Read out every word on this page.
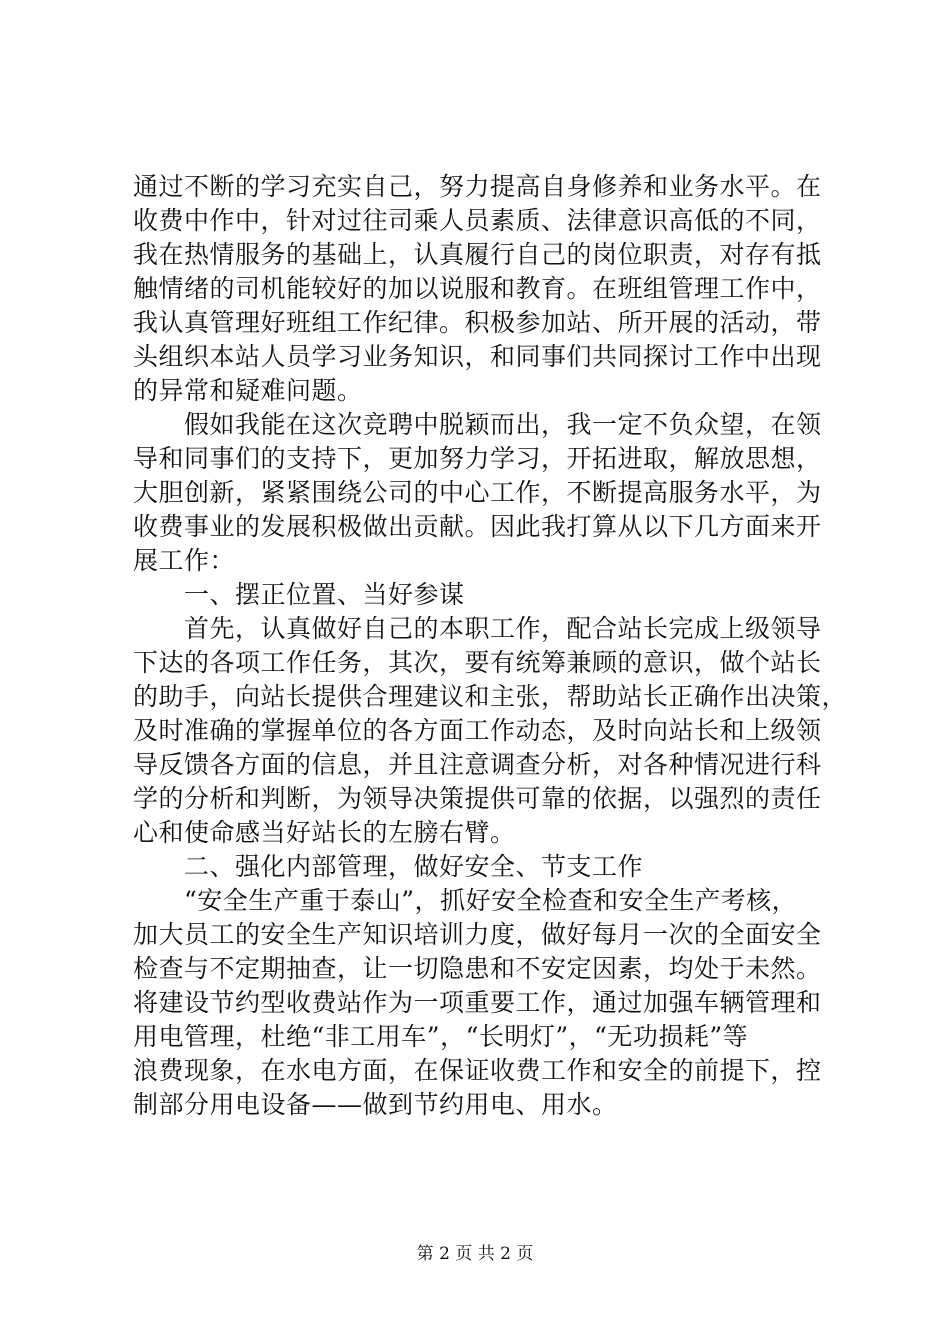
通过不断的学习充实自己，努力提高自身修养和业务水平。在
收费中作中，针对过往司乘人员素质、法律意识高低的不同，
我在热情服务的基础上，认真履行自己的岗位职责，对存有抵
触情绪的司机能较好的加以说服和教育。在班组管理工作中，
我认真管理好班组工作纪律。积极参加站、所开展的活动，带
头组织本站人员学习业务知识，和同事们共同探讨工作中出现
的异常和疑难问题。
　　假如我能在这次竞聘中脱颖而出，我一定不负众望，在领
导和同事们的支持下，更加努力学习，开拓进取，解放思想，
大胆创新，紧紧围绕公司的中心工作，不断提高服务水平，为
收费事业的发展积极做出贡献。因此我打算从以下几方面来开
展工作：
　　一、摆正位置、当好参谋
　　首先，认真做好自己的本职工作，配合站长完成上级领导
下达的各项工作任务，其次，要有统筹兼顾的意识，做个站长
的助手，向站长提供合理建议和主张，帮助站长正确作出决策，
及时准确的掌握单位的各方面工作动态，及时向站长和上级领
导反馈各方面的信息，并且注意调查分析，对各种情况进行科
学的分析和判断，为领导决策提供可靠的依据，以强烈的责任
心和使命感当好站长的左膀右臂。
　　二、强化内部管理，做好安全、节支工作
　　“安全生产重于泰山”，抓好安全检查和安全生产考核，
加大员工的安全生产知识培训力度，做好每月一次的全面安全
检查与不定期抽查，让一切隐患和不安定因素，均处于未然。
将建设节约型收费站作为一项重要工作，通过加强车辆管理和
用电管理，杜绝“非工用车”，“长明灯”，“无功损耗”等
浪费现象，在水电方面，在保证收费工作和安全的前提下，控
制部分用电设备——做到节约用电、用水。
第 2 页 共 2 页
